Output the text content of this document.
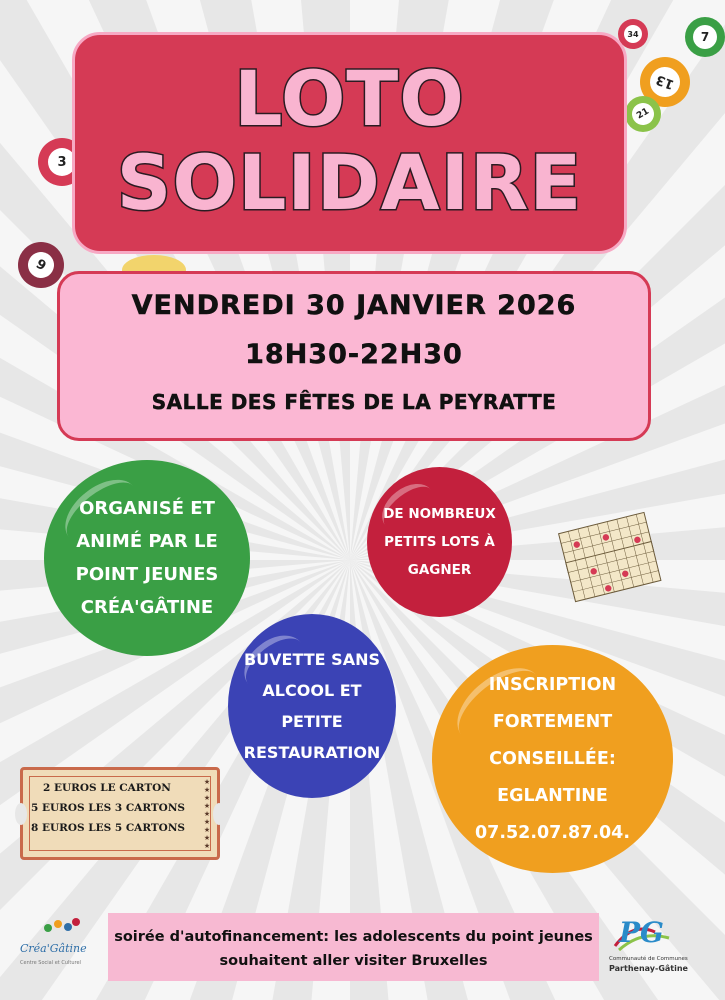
34	7
13
21
3
9
LOTO
SOLIDAIRE
VENDREDI 30 JANVIER 2026
18H30-22H30
SALLE DES FÊTES DE LA PEYRATTE
ORGANISÉ ET ANIMÉ PAR LE POINT JEUNES CRÉA'GÂTINE
DE NOMBREUX PETITS LOTS À GAGNER
BUVETTE SANS ALCOOL ET PETITE RESTAURATION
INSCRIPTION FORTEMENT CONSEILLÉE: EGLANTINE 07.52.07.87.04.
2 EUROS LE CARTON
5 EUROS LES 3 CARTONS
8 EUROS LES 5 CARTONS
★
★
★
★
★
★
★
★
★
soirée d'autofinancement: les adolescents du point jeunes souhaitent aller visiter Bruxelles
Créa'Gâtine
Centre Social et Culturel
PG
Communauté de Communes
Parthenay-Gâtine
